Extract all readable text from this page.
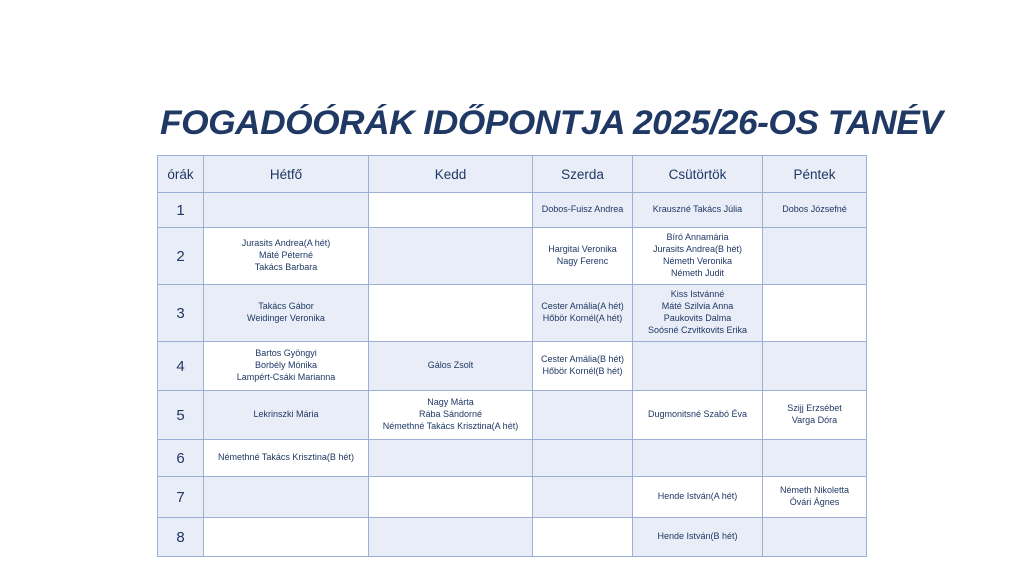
FOGADÓÓRÁK IDŐPONTJA 2025/26-OS TANÉV
órák	Hétfő	Kedd	Szerda	Csütörtök	Péntek
1			Dobos-Fuisz Andrea	Krauszné Takács Júlia	Dobos Józsefné

2	Jurasits Andrea(A hét)
Máté Péterné
Takács Barbara		Hargitai Veronika
Nagy Ferenc	Bíró Annamária
Jurasits Andrea(B hét)
Németh Veronika
Németh Judit	

3	Takács Gábor
Weidinger Veronika		Cester Amália(A hét)
Hőbör Kornél(A hét)	Kiss Istvánné
Máté Szilvia Anna
Paukovits Dalma
Soósné Czvitkovits Erika	

4	Bartos Gyöngyi
Borbély Mónika
Lampért-Csáki Marianna	Gálos Zsolt	Cester Amália(B hét)
Hőbör Kornél(B hét)		

5	Lekrinszki Mária	Nagy Márta
Rába Sándorné
Némethné Takács Krisztina(A hét)		Dugmonitsné Szabó Éva	Szijj Erzsébet
Varga Dóra

6	Némethné Takács Krisztina(B hét)				

7				Hende István(A hét)	Németh Nikoletta
Óvári Ágnes

8				Hende István(B hét)	
